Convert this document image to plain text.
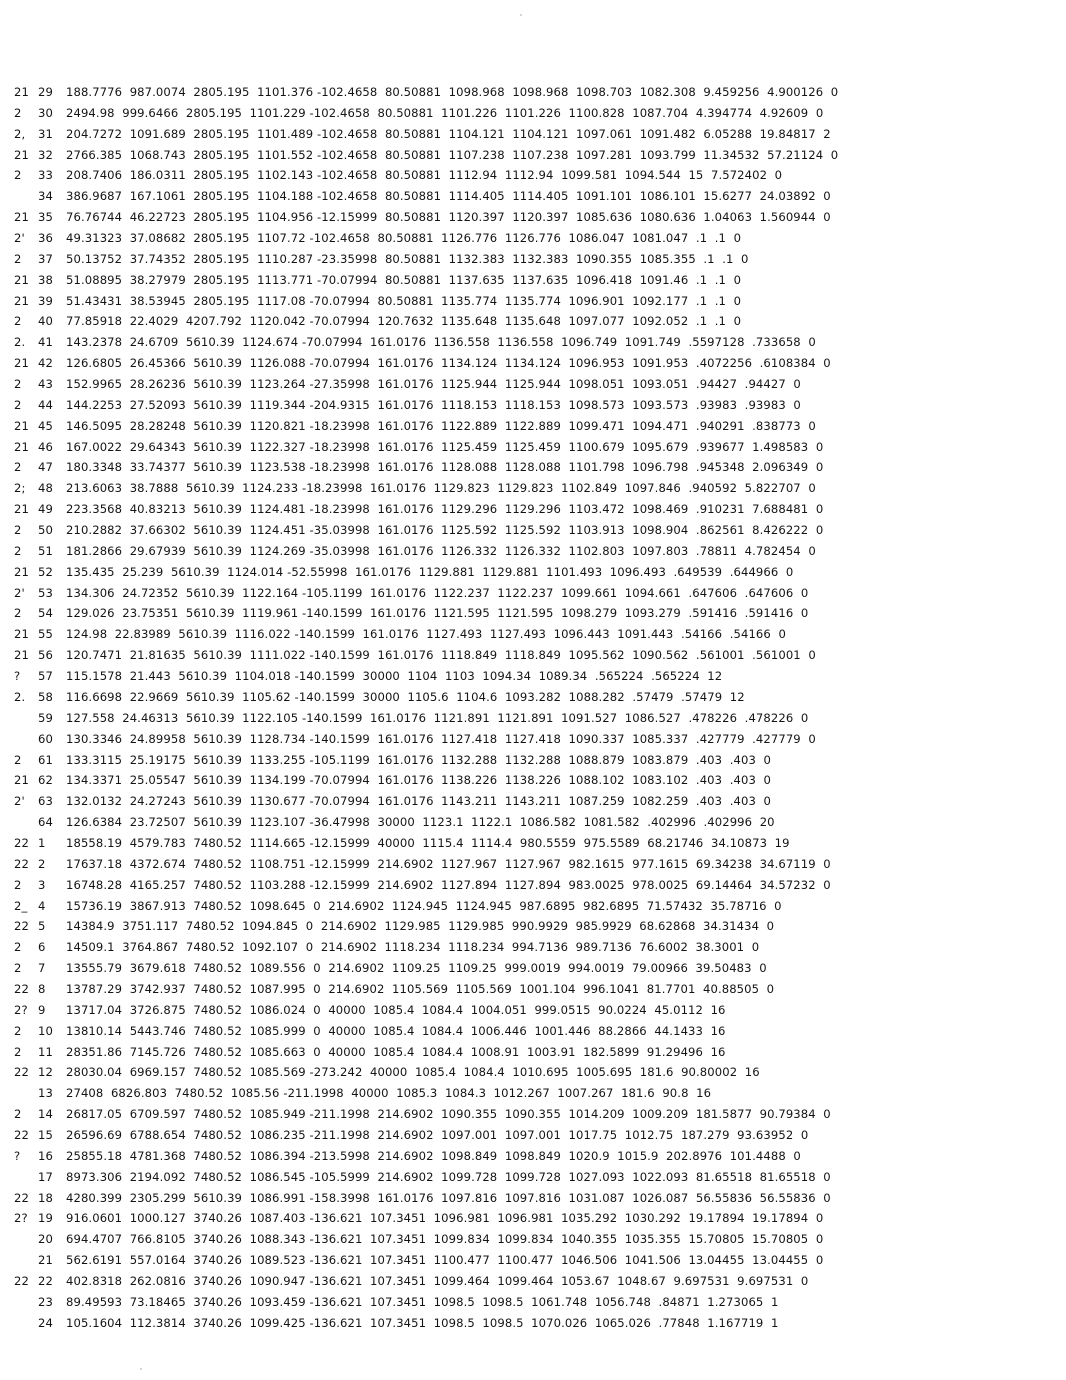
21 29 188.7776  987.0074  2805.195  1101.376 -102.4658  80.50881  1098.968  1098.968  1098.703  1082.308  9.459256  4.900126  0
2 30 2494.98  999.6466  2805.195  1101.229 -102.4658  80.50881  1101.226  1101.226  1100.828  1087.704  4.394774  4.92609  0
2, 31 204.7272  1091.689  2805.195  1101.489 -102.4658  80.50881  1104.121  1104.121  1097.061  1091.482  6.05288  19.84817  2
21 32 2766.385  1068.743  2805.195  1101.552 -102.4658  80.50881  1107.238  1107.238  1097.281  1093.799  11.34532  57.21124  0
2 33 208.7406  186.0311  2805.195  1102.143 -102.4658  80.50881  1112.94  1112.94  1099.581  1094.544  15  7.572402  0
34 386.9687  167.1061  2805.195  1104.188 -102.4658  80.50881  1114.405  1114.405  1091.101  1086.101  15.6277  24.03892  0
21 35 76.76744  46.22723  2805.195  1104.956 -12.15999  80.50881  1120.397  1120.397  1085.636  1080.636  1.04063  1.560944  0
2' 36 49.31323  37.08682  2805.195  1107.72 -102.4658  80.50881  1126.776  1126.776  1086.047  1081.047  .1  .1  0
2 37 50.13752  37.74352  2805.195  1110.287 -23.35998  80.50881  1132.383  1132.383  1090.355  1085.355  .1  .1  0
21 38 51.08895  38.27979  2805.195  1113.771 -70.07994  80.50881  1137.635  1137.635  1096.418  1091.46  .1  .1  0
21 39 51.43431  38.53945  2805.195  1117.08 -70.07994  80.50881  1135.774  1135.774  1096.901  1092.177  .1  .1  0
2 40 77.85918  22.4029  4207.792  1120.042 -70.07994  120.7632  1135.648  1135.648  1097.077  1092.052  .1  .1  0
2. 41 143.2378  24.6709  5610.39  1124.674 -70.07994  161.0176  1136.558  1136.558  1096.749  1091.749  .5597128  .733658  0
21 42 126.6805  26.45366  5610.39  1126.088 -70.07994  161.0176  1134.124  1134.124  1096.953  1091.953  .4072256  .6108384  0
2 43 152.9965  28.26236  5610.39  1123.264 -27.35998  161.0176  1125.944  1125.944  1098.051  1093.051  .94427  .94427  0
2 44 144.2253  27.52093  5610.39  1119.344 -204.9315  161.0176  1118.153  1118.153  1098.573  1093.573  .93983  .93983  0
21 45 146.5095  28.28248  5610.39  1120.821 -18.23998  161.0176  1122.889  1122.889  1099.471  1094.471  .940291  .838773  0
21 46 167.0022  29.64343  5610.39  1122.327 -18.23998  161.0176  1125.459  1125.459  1100.679  1095.679  .939677  1.498583  0
2 47 180.3348  33.74377  5610.39  1123.538 -18.23998  161.0176  1128.088  1128.088  1101.798  1096.798  .945348  2.096349  0
2; 48 213.6063  38.7888  5610.39  1124.233 -18.23998  161.0176  1129.823  1129.823  1102.849  1097.846  .940592  5.822707  0
21 49 223.3568  40.83213  5610.39  1124.481 -18.23998  161.0176  1129.296  1129.296  1103.472  1098.469  .910231  7.688481  0
2 50 210.2882  37.66302  5610.39  1124.451 -35.03998  161.0176  1125.592  1125.592  1103.913  1098.904  .862561  8.426222  0
2 51 181.2866  29.67939  5610.39  1124.269 -35.03998  161.0176  1126.332  1126.332  1102.803  1097.803  .78811  4.782454  0
21 52 135.435  25.239  5610.39  1124.014 -52.55998  161.0176  1129.881  1129.881  1101.493  1096.493  .649539  .644966  0
2' 53 134.306  24.72352  5610.39  1122.164 -105.1199  161.0176  1122.237  1122.237  1099.661  1094.661  .647606  .647606  0
2 54 129.026  23.75351  5610.39  1119.961 -140.1599  161.0176  1121.595  1121.595  1098.279  1093.279  .591416  .591416  0
21 55 124.98  22.83989  5610.39  1116.022 -140.1599  161.0176  1127.493  1127.493  1096.443  1091.443  .54166  .54166  0
21 56 120.7471  21.81635  5610.39  1111.022 -140.1599  161.0176  1118.849  1118.849  1095.562  1090.562  .561001  .561001  0
? 57 115.1578  21.443  5610.39  1104.018 -140.1599  30000  1104  1103  1094.34  1089.34  .565224  .565224  12
2. 58 116.6698  22.9669  5610.39  1105.62 -140.1599  30000  1105.6  1104.6  1093.282  1088.282  .57479  .57479  12
59 127.558  24.46313  5610.39  1122.105 -140.1599  161.0176  1121.891  1121.891  1091.527  1086.527  .478226  .478226  0
60 130.3346  24.89958  5610.39  1128.734 -140.1599  161.0176  1127.418  1127.418  1090.337  1085.337  .427779  .427779  0
2 61 133.3115  25.19175  5610.39  1133.255 -105.1199  161.0176  1132.288  1132.288  1088.879  1083.879  .403  .403  0
21 62 134.3371  25.05547  5610.39  1134.199 -70.07994  161.0176  1138.226  1138.226  1088.102  1083.102  .403  .403  0
2' 63 132.0132  24.27243  5610.39  1130.677 -70.07994  161.0176  1143.211  1143.211  1087.259  1082.259  .403  .403  0
64 126.6384  23.72507  5610.39  1123.107 -36.47998  30000  1123.1  1122.1  1086.582  1081.582  .402996  .402996  20
22 1 18558.19  4579.783  7480.52  1114.665 -12.15999  40000  1115.4  1114.4  980.5559  975.5589  68.21746  34.10873  19
22 2 17637.18  4372.674  7480.52  1108.751 -12.15999  214.6902  1127.967  1127.967  982.1615  977.1615  69.34238  34.67119  0
2 3 16748.28  4165.257  7480.52  1103.288 -12.15999  214.6902  1127.894  1127.894  983.0025  978.0025  69.14464  34.57232  0
2_ 4 15736.19  3867.913  7480.52  1098.645  0  214.6902  1124.945  1124.945  987.6895  982.6895  71.57432  35.78716  0
22 5 14384.9  3751.117  7480.52  1094.845  0  214.6902  1129.985  1129.985  990.9929  985.9929  68.62868  34.31434  0
2 6 14509.1  3764.867  7480.52  1092.107  0  214.6902  1118.234  1118.234  994.7136  989.7136  76.6002  38.3001  0
2 7 13555.79  3679.618  7480.52  1089.556  0  214.6902  1109.25  1109.25  999.0019  994.0019  79.00966  39.50483  0
22 8 13787.29  3742.937  7480.52  1087.995  0  214.6902  1105.569  1105.569  1001.104  996.1041  81.7701  40.88505  0
2? 9 13717.04  3726.875  7480.52  1086.024  0  40000  1085.4  1084.4  1004.051  999.0515  90.0224  45.0112  16
2 10 13810.14  5443.746  7480.52  1085.999  0  40000  1085.4  1084.4  1006.446  1001.446  88.2866  44.1433  16
2 11 28351.86  7145.726  7480.52  1085.663  0  40000  1085.4  1084.4  1008.91  1003.91  182.5899  91.29496  16
22 12 28030.04  6969.157  7480.52  1085.569 -273.242  40000  1085.4  1084.4  1010.695  1005.695  181.6  90.80002  16
13 27408  6826.803  7480.52  1085.56 -211.1998  40000  1085.3  1084.3  1012.267  1007.267  181.6  90.8  16
2 14 26817.05  6709.597  7480.52  1085.949 -211.1998  214.6902  1090.355  1090.355  1014.209  1009.209  181.5877  90.79384  0
22 15 26596.69  6788.654  7480.52  1086.235 -211.1998  214.6902  1097.001  1097.001  1017.75  1012.75  187.279  93.63952  0
? 16 25855.18  4781.368  7480.52  1086.394 -213.5998  214.6902  1098.849  1098.849  1020.9  1015.9  202.8976  101.4488  0
17 8973.306  2194.092  7480.52  1086.545 -105.5999  214.6902  1099.728  1099.728  1027.093  1022.093  81.65518  81.65518  0
22 18 4280.399  2305.299  5610.39  1086.991 -158.3998  161.0176  1097.816  1097.816  1031.087  1026.087  56.55836  56.55836  0
2? 19 916.0601  1000.127  3740.26  1087.403 -136.621  107.3451  1096.981  1096.981  1035.292  1030.292  19.17894  19.17894  0
20 694.4707  766.8105  3740.26  1088.343 -136.621  107.3451  1099.834  1099.834  1040.355  1035.355  15.70805  15.70805  0
21 562.6191  557.0164  3740.26  1089.523 -136.621  107.3451  1100.477  1100.477  1046.506  1041.506  13.04455  13.04455  0
22 22 402.8318  262.0816  3740.26  1090.947 -136.621  107.3451  1099.464  1099.464  1053.67  1048.67  9.697531  9.697531  0
23 89.49593  73.18465  3740.26  1093.459 -136.621  107.3451  1098.5  1098.5  1061.748  1056.748  .84871  1.273065  1
24 105.1604  112.3814  3740.26  1099.425 -136.621  107.3451  1098.5  1098.5  1070.026  1065.026  .77848  1.167719  1
